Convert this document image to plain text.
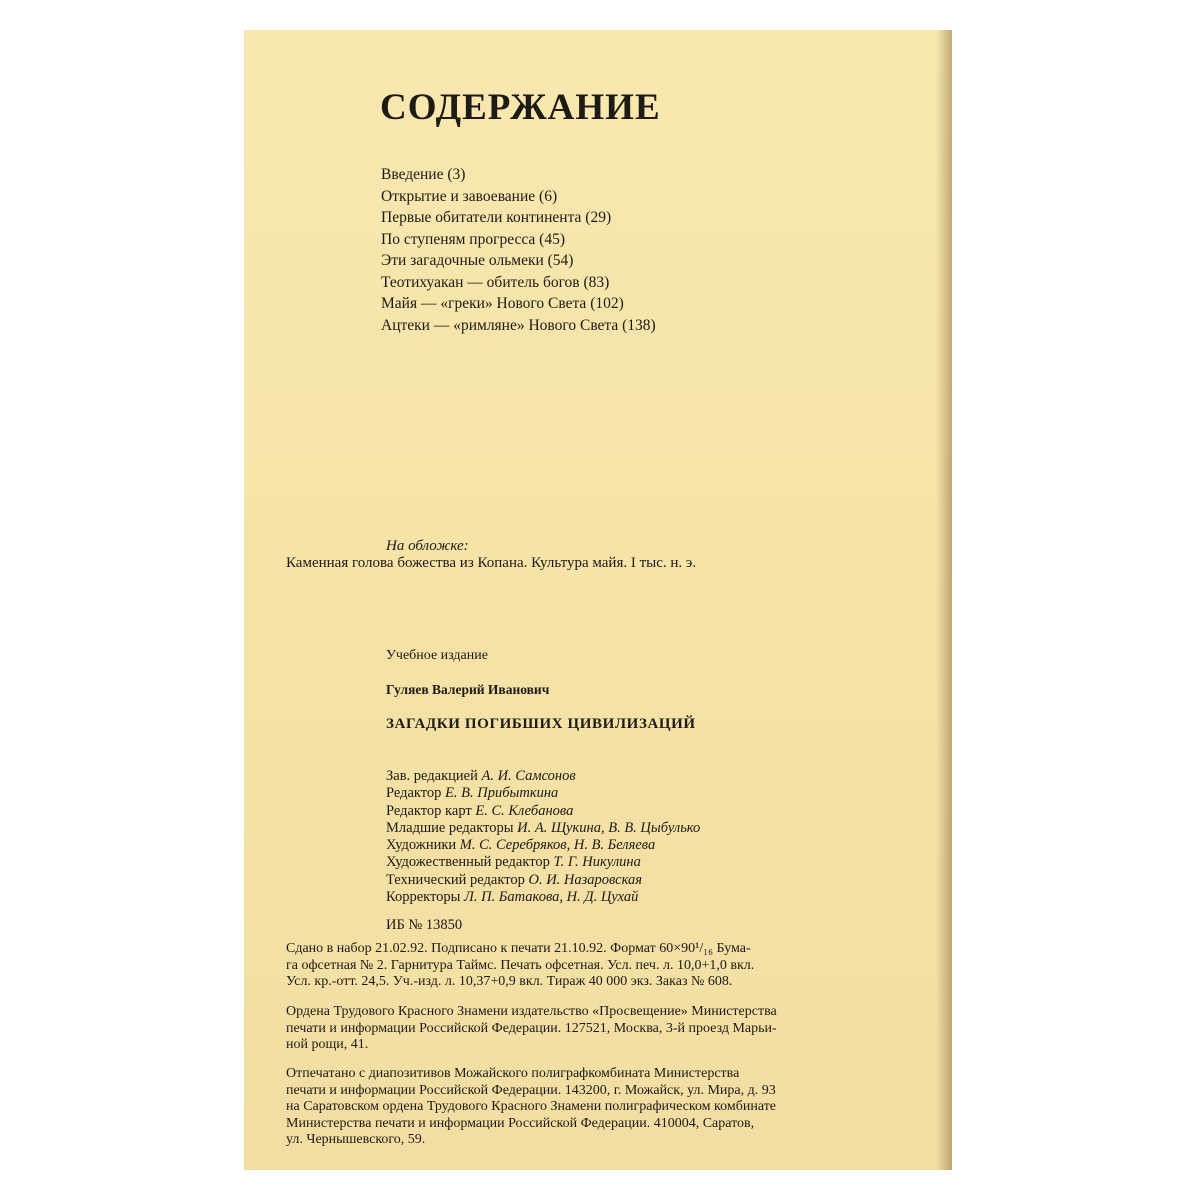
СОДЕРЖАНИЕ
Введение (3)
Открытие и завоевание (6)
Первые обитатели континента (29)
По ступеням прогресса (45)
Эти загадочные ольмеки (54)
Теотихуакан — обитель богов (83)
Майя — «греки» Нового Света (102)
Ацтеки — «римляне» Нового Света (138)
На обложке:
Каменная голова божества из Копана. Культура майя. I тыс. н. э.
Учебное издание
Гуляев Валерий Иванович
ЗАГАДКИ ПОГИБШИХ ЦИВИЛИЗАЦИЙ
Зав. редакцией А. И. Самсонов
Редактор Е. В. Прибыткина
Редактор карт Е. С. Клебанова
Младшие редакторы И. А. Щукина, В. В. Цыбулько
Художники М. С. Серебряков, Н. В. Беляева
Художественный редактор Т. Г. Никулина
Технический редактор О. И. Назаровская
Корректоры Л. П. Батакова, Н. Д. Цухай
ИБ № 13850
Сдано в набор 21.02.92. Подписано к печати 21.10.92. Формат 60×90¹/₁₆ Бума-
га офсетная № 2. Гарнитура Таймс. Печать офсетная. Усл. печ. л. 10,0+1,0 вкл.
Усл. кр.-отт. 24,5. Уч.-изд. л. 10,37+0,9 вкл. Тираж 40 000 экз. Заказ № 608.
Ордена Трудового Красного Знамени издательство «Просвещение» Министерства
печати и информации Российской Федерации. 127521, Москва, 3-й проезд Марьи-
ной рощи, 41.
Отпечатано с диапозитивов Можайского полиграфкомбината Министерства
печати и информации Российской Федерации. 143200, г. Можайск, ул. Мира, д. 93
на Саратовском ордена Трудового Красного Знамени полиграфическом комбинате
Министерства печати и информации Российской Федерации. 410004, Саратов,
ул. Чернышевского, 59.
